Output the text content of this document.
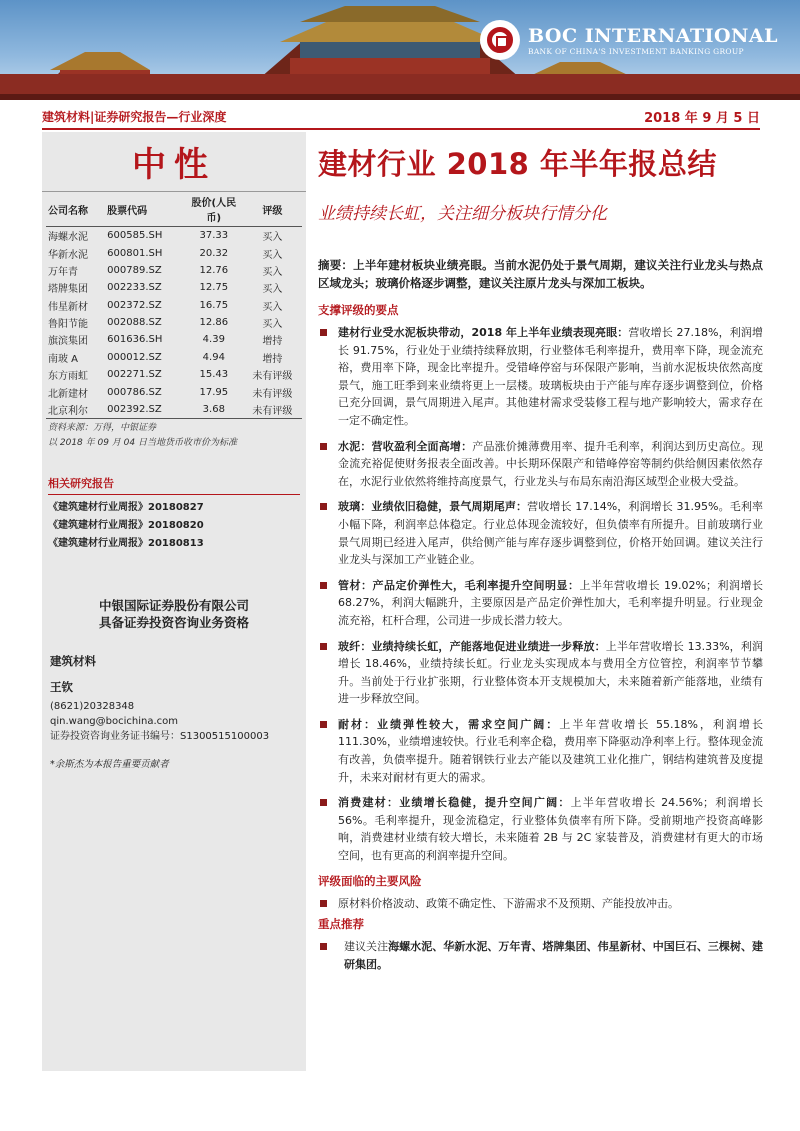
BOC INTERNATIONAL
BANK OF CHINA'S INVESTMENT BANKING GROUP
建筑材料|证券研究报告—行业深度	2018 年 9 月 5 日
中性
公司名称	股票代码	股价(人民币)	评级
海螺水泥	600585.SH	37.33	买入
华新水泥	600801.SH	20.32	买入
万年青	000789.SZ	12.76	买入
塔牌集团	002233.SZ	12.75	买入
伟星新材	002372.SZ	16.75	买入
鲁阳节能	002088.SZ	12.86	买入
旗滨集团	601636.SH	4.39	增持
南玻 A	000012.SZ	4.94	增持
东方雨虹	002271.SZ	15.43	未有评级
北新建材	000786.SZ	17.95	未有评级
北京利尔	002392.SZ	3.68	未有评级
资料来源：万得，中银证券
以 2018 年 09 月 04 日当地货币收市价为标准
相关研究报告
《建筑建材行业周报》20180827
《建筑建材行业周报》20180820
《建筑建材行业周报》20180813
中银国际证券股份有限公司
具备证券投资咨询业务资格
建筑材料
王钦
(8621)20328348
qin.wang@bocichina.com
证券投资咨询业务证书编号：S1300515100003
*余斯杰为本报告重要贡献者
建材行业 2018 年半年报总结
业绩持续长虹，关注细分板块行情分化
摘要：上半年建材板块业绩亮眼。当前水泥仍处于景气周期，建议关注行业龙头与热点区域龙头；玻璃价格逐步调整，建议关注原片龙头与深加工板块。
支撑评级的要点
建材行业受水泥板块带动，2018 年上半年业绩表现亮眼：营收增长 27.18%，利润增长 91.75%，行业处于业绩持续释放期，行业整体毛利率提升，费用率下降，现金流充裕，费用率下降，现金比率提升。受错峰停窑与环保限产影响，当前水泥板块依然高度景气，施工旺季到来业绩将更上一层楼。玻璃板块由于产能与库存逐步调整到位，价格已充分回调，景气周期进入尾声。其他建材需求受装修工程与地产影响较大，需求存在一定不确定性。
水泥：营收盈利全面高增：产品涨价摊薄费用率、提升毛利率，利润达到历史高位。现金流充裕促使财务报表全面改善。中长期环保限产和错峰停窑等制约供给侧因素依然存在，水泥行业依然将维持高度景气，行业龙头与布局东南沿海区域型企业极大受益。
玻璃：业绩依旧稳健，景气周期尾声：营收增长 17.14%，利润增长 31.95%。毛利率小幅下降，利润率总体稳定。行业总体现金流较好，但负债率有所提升。目前玻璃行业景气周期已经进入尾声，供给侧产能与库存逐步调整到位，价格开始回调。建议关注行业龙头与深加工产业链企业。
管材：产品定价弹性大，毛利率提升空间明显：上半年营收增长 19.02%；利润增长 68.27%，利润大幅跳升，主要原因是产品定价弹性加大，毛利率提升明显。行业现金流充裕，杠杆合理，公司进一步成长潜力较大。
玻纤：业绩持续长虹，产能落地促进业绩进一步释放：上半年营收增长 13.33%，利润增长 18.46%，业绩持续长虹。行业龙头实现成本与费用全方位管控，利润率节节攀升。当前处于行业扩张期，行业整体资本开支规模加大，未来随着新产能落地，业绩有进一步释放空间。
耐材：业绩弹性较大，需求空间广阔：上半年营收增长 55.18%，利润增长 111.30%，业绩增速较快。行业毛利率企稳，费用率下降驱动净利率上行。整体现金流有改善，负债率提升。随着钢铁行业去产能以及建筑工业化推广，钢结构建筑普及度提升，未来对耐材有更大的需求。
消费建材：业绩增长稳健，提升空间广阔：上半年营收增长 24.56%；利润增长 56%。毛利率提升，现金流稳定，行业整体负债率有所下降。受前期地产投资高峰影响，消费建材业绩有较大增长，未来随着 2B 与 2C 家装普及，消费建材有更大的市场空间，也有更高的利润率提升空间。
评级面临的主要风险
原材料价格波动、政策不确定性、下游需求不及预期、产能投放冲击。
重点推荐
建议关注海螺水泥、华新水泥、万年青、塔牌集团、伟星新材、中国巨石、三棵树、建研集团。
